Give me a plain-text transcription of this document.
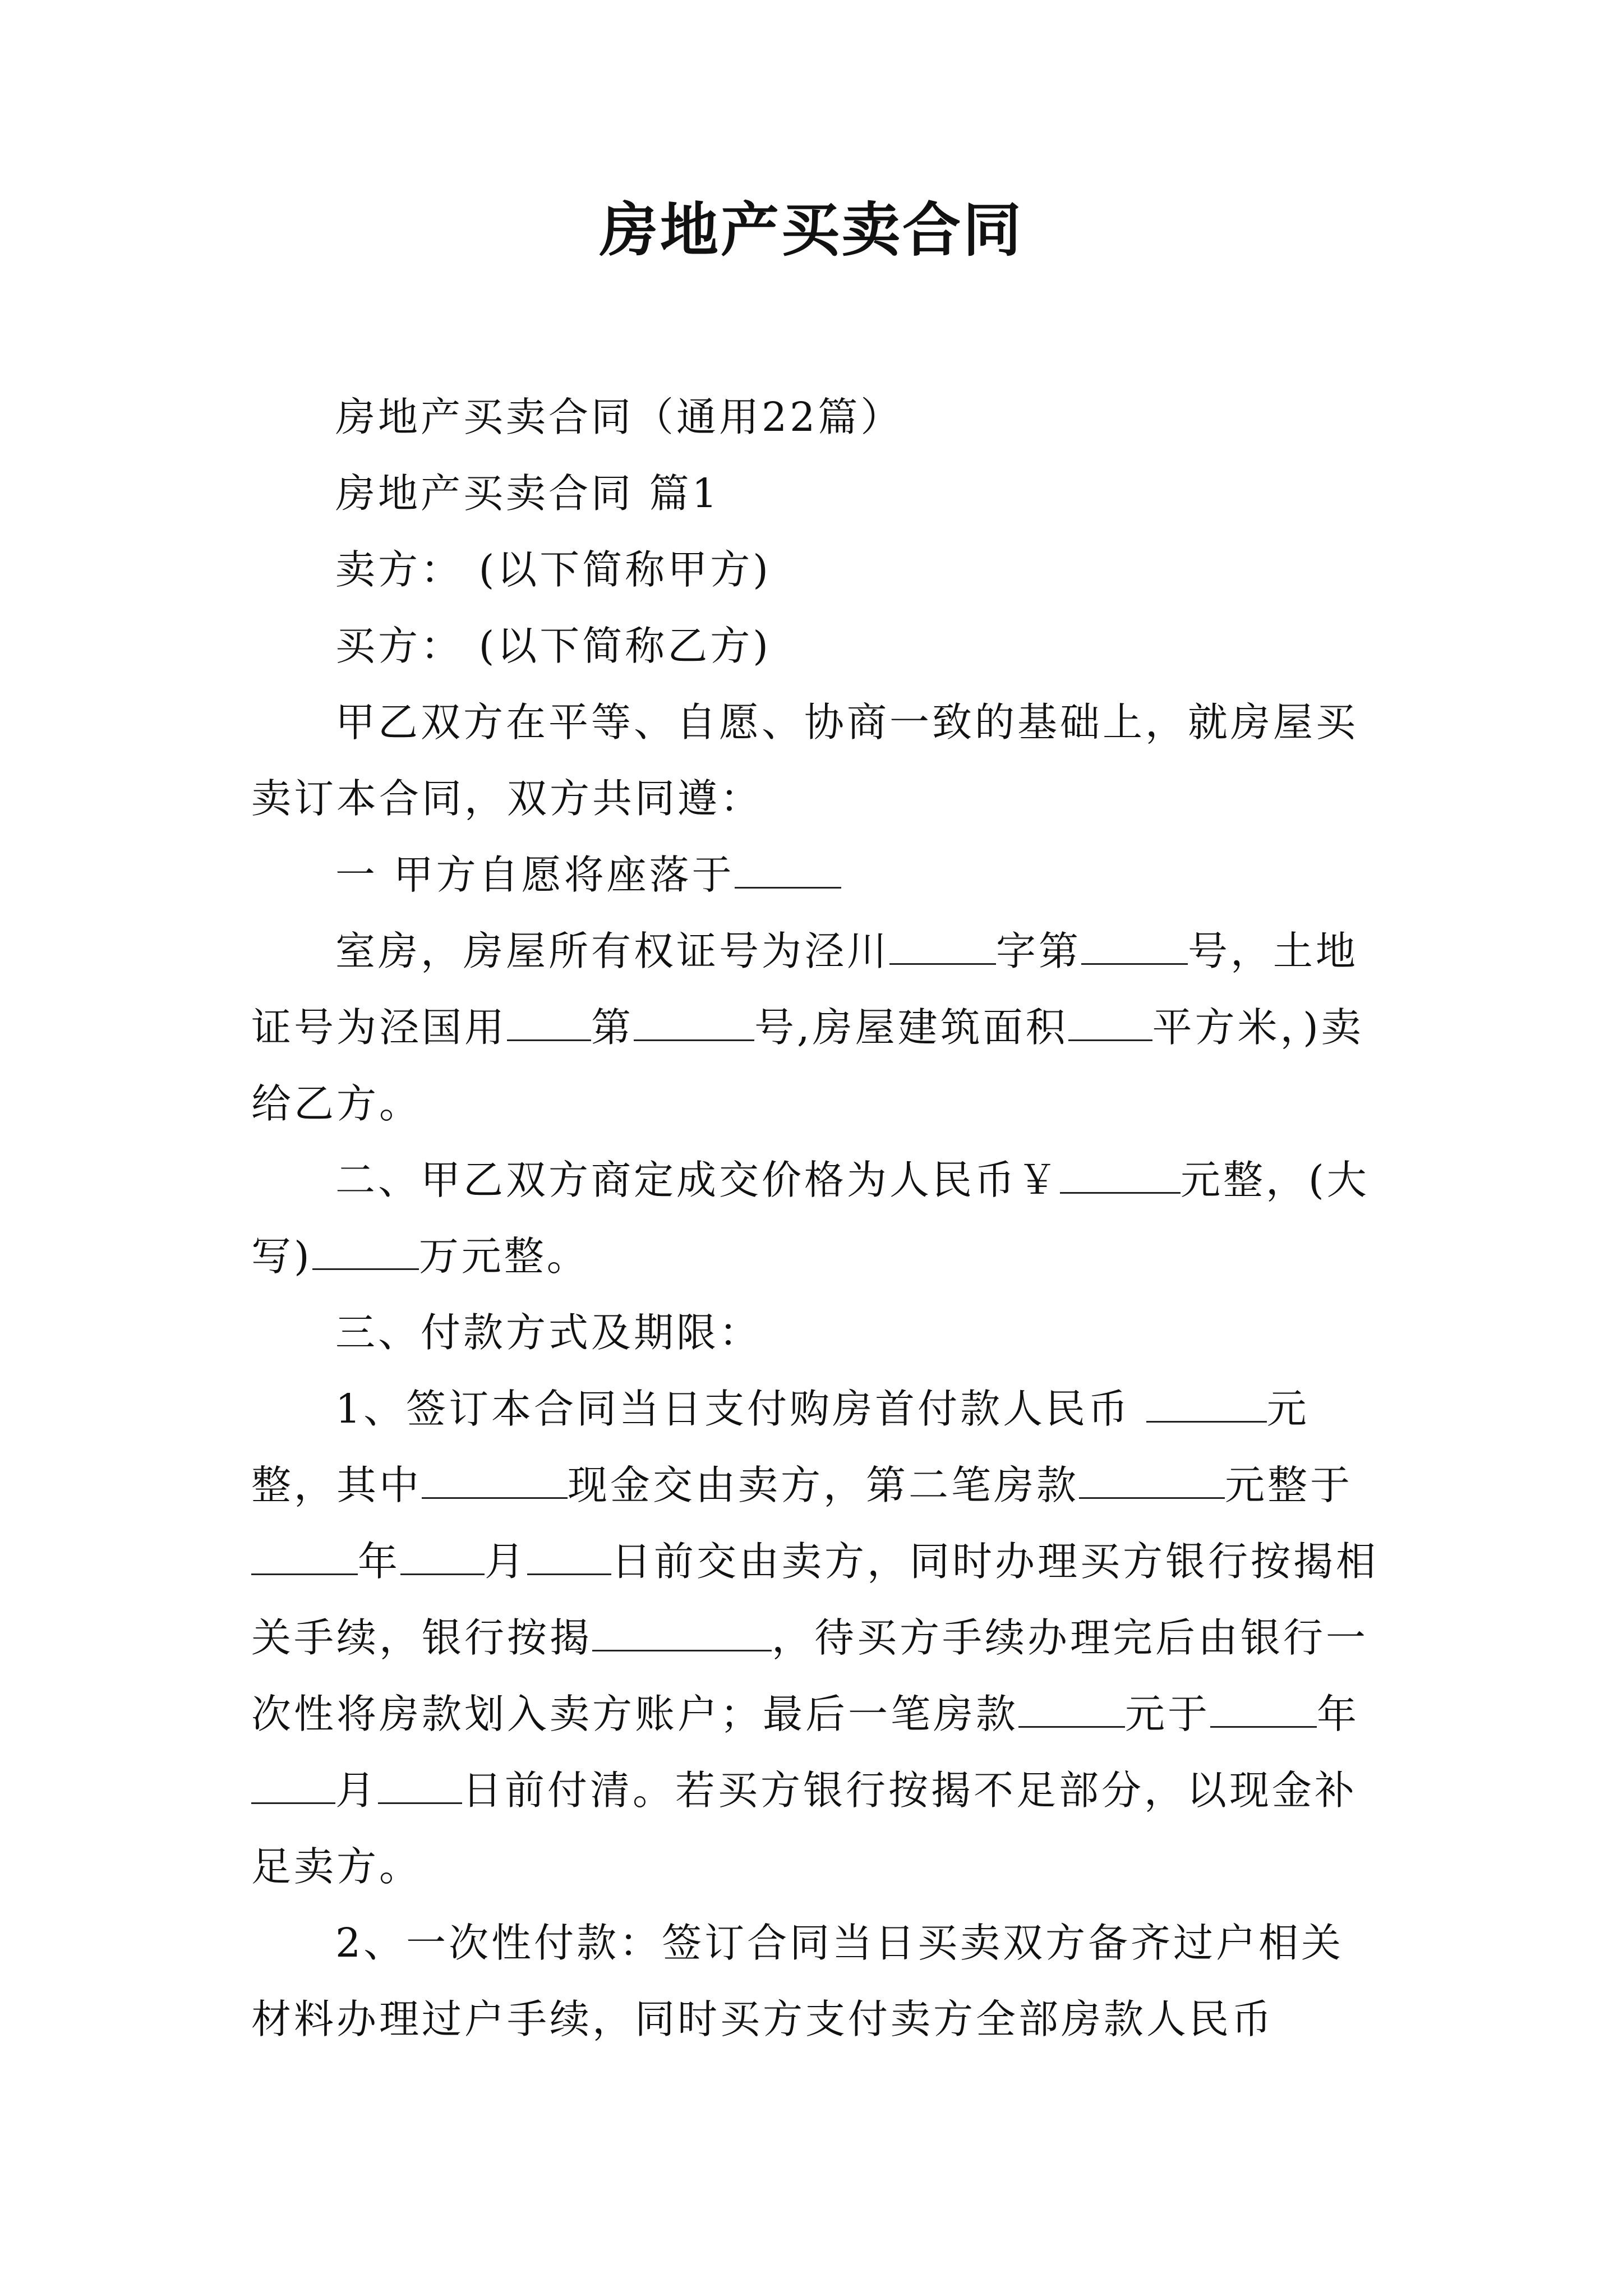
房地产买卖合同

房地产买卖合同（通用22篇）

房地产买卖合同 篇1

卖方： (以下简称甲方)

买方： (以下简称乙方)

甲乙双方在平等、自愿、协商一致的基础上，就房屋买卖订本合同，双方共同遵：

一 甲方自愿将座落于

室房，房屋所有权证号为泾川	字第	号，土地证号为泾国用 第	号,房屋建筑面积 平方米，)卖给乙方。

二、甲乙双方商定成交价格为人民币￥	元整，(大写)	万元整。

三、付款方式及期限：

1、签订本合同当日支付购房首付款人民币	元整，其中	现金交由卖方，第二笔房款	元整于年 月 日前交由卖方，同时办理买方银行按揭相关手续，银行按揭	，待买方手续办理完后由银行一次性将房款划入卖方账户；最后一笔房款	元于	年月 日前付清。若买方银行按揭不足部分，以现金补足卖方。

2、一次性付款：签订合同当日买卖双方备齐过户相关材料办理过户手续，同时买方支付卖方全部房款人民币
